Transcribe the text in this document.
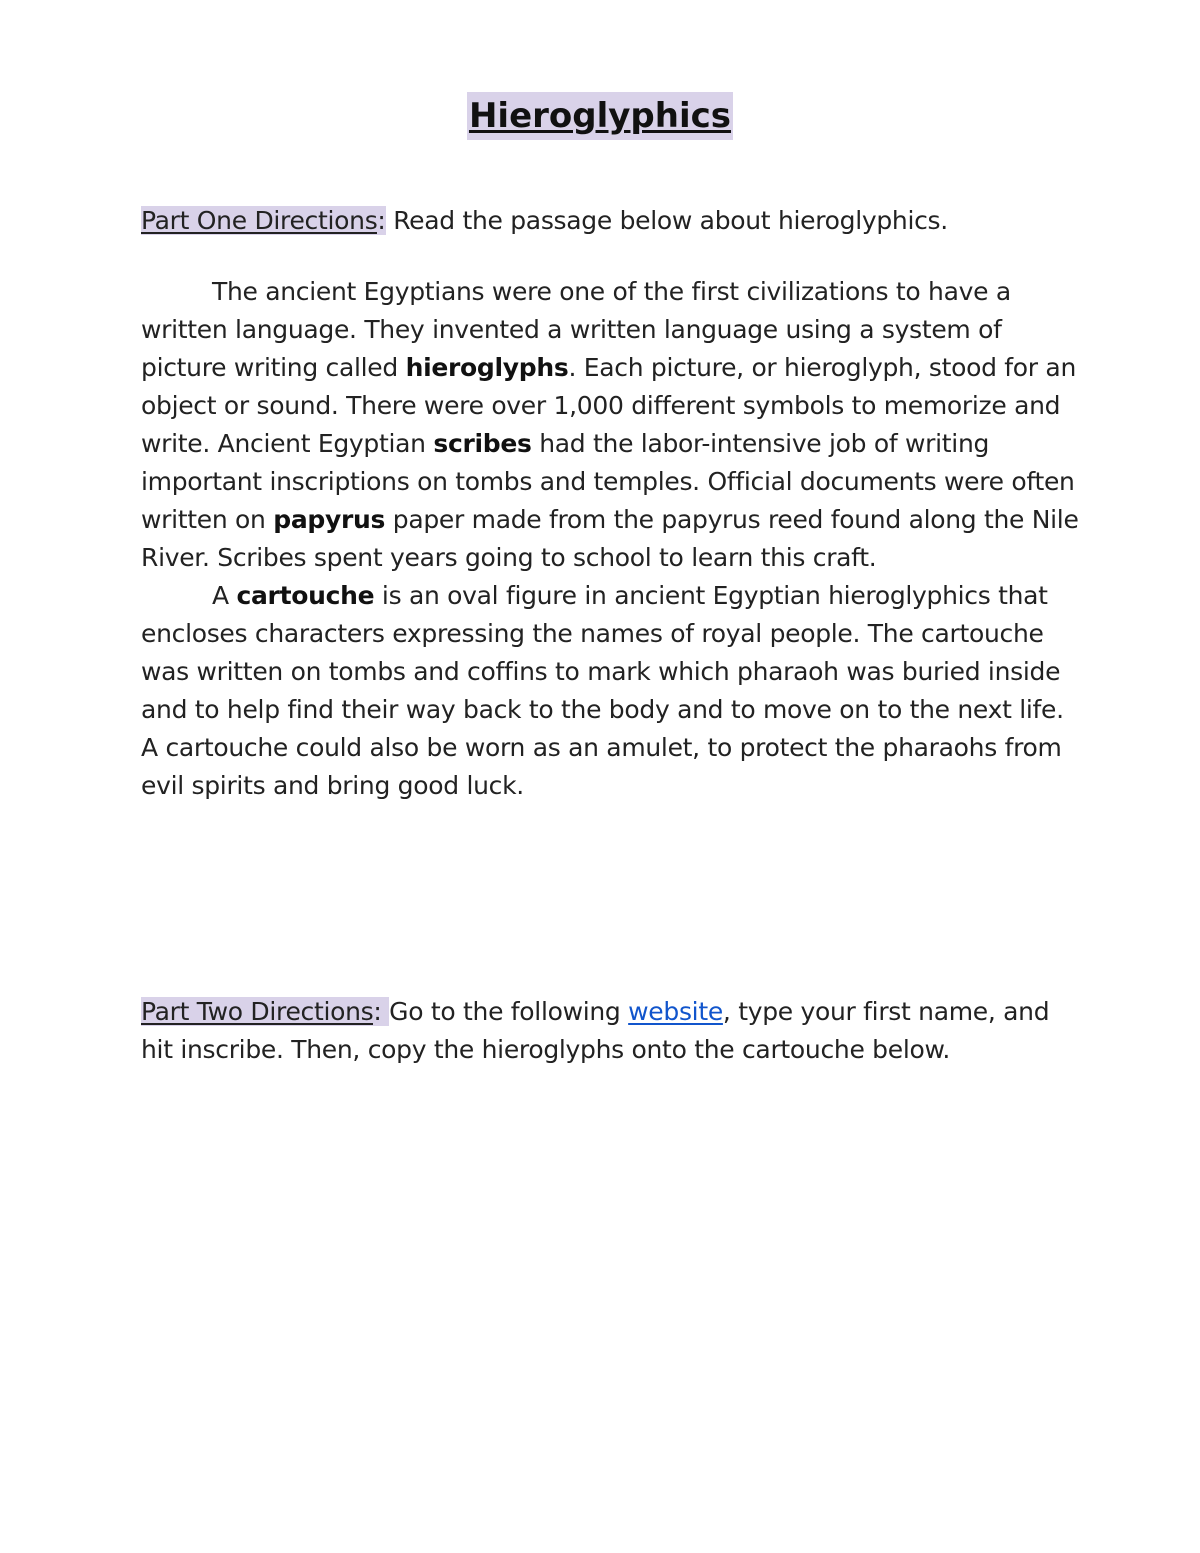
Hieroglyphics
Part One Directions: Read the passage below about hieroglyphics.

The ancient Egyptians were one of the first civilizations to have a written language. They invented a written language using a system of picture writing called hieroglyphs. Each picture, or hieroglyph, stood for an object or sound. There were over 1,000 different symbols to memorize and write. Ancient Egyptian scribes had the labor-intensive job of writing important inscriptions on tombs and temples. Official documents were often written on papyrus paper made from the papyrus reed found along the Nile River. Scribes spent years going to school to learn this craft.

A cartouche is an oval figure in ancient Egyptian hieroglyphics that encloses characters expressing the names of royal people. The cartouche was written on tombs and coffins to mark which pharaoh was buried inside and to help find their way back to the body and to move on to the next life. A cartouche could also be worn as an amulet, to protect the pharaohs from evil spirits and bring good luck.

Part Two Directions: Go to the following website, type your first name, and hit inscribe. Then, copy the hieroglyphs onto the cartouche below.
